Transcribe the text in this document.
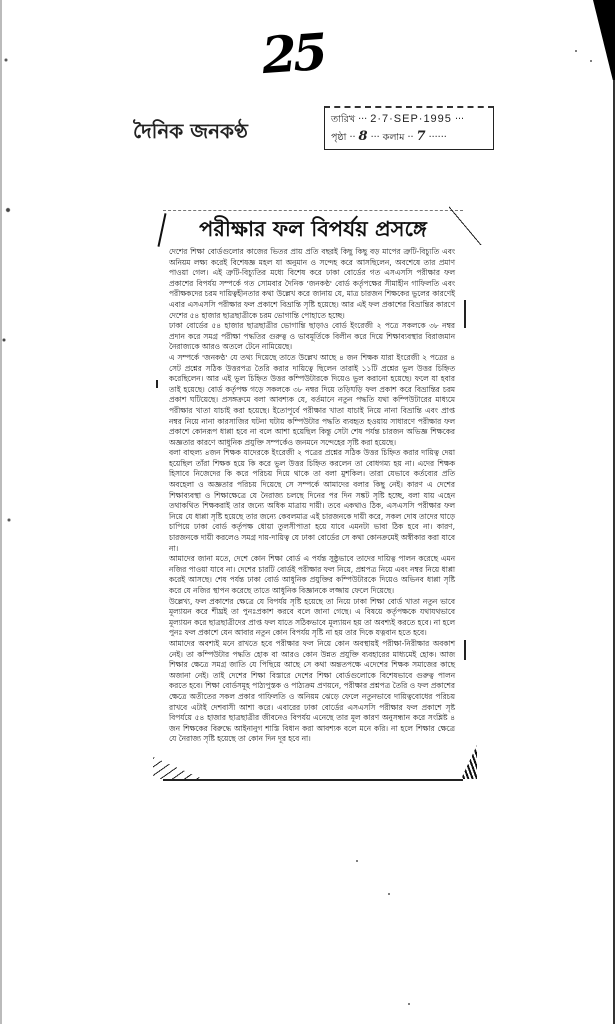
25
দৈনিক জনকণ্ঠ	তারিখ ··· 2·7·SEP·1995 ···
পৃষ্ঠা ·· 8 ··· কলাম ·· 7 ······
পরীক্ষার ফল বিপর্যয় প্রসঙ্গে

দেশের শিক্ষা বোর্ডগুলোর কাজের ভিতর প্রায় প্রতি বছরই কিছু কিছু বড় মাপের ত্রুটি-বিচ্যুতি এবং অনিয়ম লক্ষ্য করেই বিশেষজ্ঞ মহল যা অনুমান ও সন্দেহ করে আসছিলেন, অবশেষে তার প্রমাণ পাওয়া গেল। এই ত্রুটি-বিচ্যুতির মধ্যে বিশেষ করে ঢাকা বোর্ডের গত এসএসসি পরীক্ষার ফল প্রকাশের বিপর্যয় সম্পর্কে গত সোমবার দৈনিক 'জনকণ্ঠ' বোর্ড কর্তৃপক্ষের সীমাহীন গাফিলতি এবং পরীক্ষকদের চরম দায়িত্বহীনতার কথা উল্লেখ করে জানায় যে, মাত্র চারজন শিক্ষকের ভুলের কারণেই এবার এসএসসি পরীক্ষার ফল প্রকাশে বিভ্রান্তি সৃষ্টি হয়েছে। আর এই ফল প্রকাশের বিভ্রান্তির কারণে দেশের ৫৪ হাজার ছাত্রছাত্রীকে চরম ভোগান্তি পোহাতে হচ্ছে।

ঢাকা বোর্ডের ৫৪ হাজার ছাত্রছাত্রীর ভোগান্তি ছাড়াও বোর্ড ইংরেজী ২ পত্রে সকলকে ৩৮ নম্বর প্রদান করে সমগ্র পরীক্ষা পদ্ধতির গুরুত্ব ও ভাবমূর্তিকে বিলীন করে দিয়ে শিক্ষাব্যবস্থার বিরাজমান নৈরাজ্যকে আরও অতলে টেনে নামিয়েছে।

এ সম্পর্কে 'জনকণ্ঠ' যে তথ্য দিয়েছে তাতে উল্লেখ আছে ৪ জন শিক্ষক যারা ইংরেজী ২ পত্রের ৪ সেট প্রশ্নের সঠিক উত্তরপত্র তৈরি করার দায়িত্বে ছিলেন তারাই ১১টি প্রশ্নের ভুল উত্তর চিহ্নিত করেছিলেন। আর এই ভুল চিহ্নিত উত্তর কম্পিউটারকে দিয়েও ভুল করানো হয়েছে। ফলে যা হবার তাই হয়েছে। বোর্ড কর্তৃপক্ষ গড়ে সকলকে ৩৮ নম্বর দিয়ে তড়িঘড়ি ফল প্রকাশ করে বিভ্রান্তির চরম প্রকাশ ঘটিয়েছে। প্রসঙ্গক্রমে বলা আবশ্যক যে, বর্তমানে নতুন পদ্ধতি যথা কম্পিউটারের মাধ্যমে পরীক্ষার খাতা যাচাই করা হয়েছে। ইতোপূর্বে পরীক্ষার খাতা যাচাই নিয়ে নানা বিভ্রান্তি এবং প্রাপ্ত নম্বর নিয়ে নানা কারসাজির ঘটনা ঘটায় কম্পিউটার পদ্ধতি ব্যবহৃত হওয়ায় সাধারণে পরীক্ষার ফল প্রকাশে কোনরূপ ধাপ্পা হবে না বলে আশা হয়েছিল কিন্তু সেটা শেষ পর্যন্ত চারজন অভিজ্ঞ শিক্ষকের অজ্ঞতার কারণে আধুনিক প্রযুক্তি সম্পর্কেও জনমনে সন্দেহের সৃষ্টি করা হয়েছে।

বলা বাহুল্য ৪জন শিক্ষক যাদেরকে ইংরেজী ২ পত্রের প্রশ্নের সঠিক উত্তর চিহ্নিত করার দায়িত্ব দেয়া হয়েছিল তাঁরা শিক্ষক হয়ে কি করে ভুল উত্তর চিহ্নিত করলেন তা বোধগম্য হয় না। এদের শিক্ষক হিসাবে নিজেদের কি করে পরিচয় দিয়ে থাকে তা বলা মুশকিল। তারা যেভাবে কর্তব্যের প্রতি অবহেলা ও অজ্ঞতার পরিচয় দিয়েছে সে সম্পর্কে আমাদের বলার কিছু নেই। কারণ এ দেশের শিক্ষাব্যবস্থা ও শিক্ষাক্ষেত্রে যে নৈরাজ্য চলছে দিনের পর দিন সঙ্কট সৃষ্টি হচ্ছে, বলা যায় এহেন তথাকথিত শিক্ষকরাই তার জন্যে অধিক মাত্রায় দায়ী। তবে একথাও ঠিক, এসএসসি পরীক্ষার ফল নিয়ে যে ধাপ্পা সৃষ্টি হয়েছে তার জন্যে কেবলমাত্র এই চারজনকে দায়ী করে, সকল দোষ তাদের ঘাড়ে চাপিয়ে ঢাকা বোর্ড কর্তৃপক্ষ ধোয়া তুলসীপাতা হয়ে যাবে এমনটা ভাবা ঠিক হবে না। কারণ, চারজনকে দায়ী করলেও সমগ্র দায়-দায়িত্ব যে ঢাকা বোর্ডের সে কথা কোনক্রমেই অস্বীকার করা যাবে না।

আমাদের জানা মতে, দেশে কোন শিক্ষা বোর্ড এ পর্যন্ত সুষ্ঠুভাবে তাদের দায়িত্ব পালন করেছে এমন নজির পাওয়া যাবে না। দেশের চারটি বোর্ডই পরীক্ষার ফল নিয়ে, প্রশ্নপত্র নিয়ে এবং নম্বর নিয়ে ধাপ্পা করেই আসছে। শেষ পর্যন্ত ঢাকা বোর্ড আধুনিক প্রযুক্তির কম্পিউটারকে দিয়েও অভিনব ধাপ্পা সৃষ্টি করে যে নজির স্থাপন করেছে তাতে আধুনিক বিজ্ঞানকে লজ্জায় ফেলে দিয়েছে।

উল্লেখ্য, ফল প্রকাশের ক্ষেত্রে যে বিপর্যয় সৃষ্টি হয়েছে তা নিয়ে ঢাকা শিক্ষা বোর্ড খাতা নতুন ভাবে মূল্যায়ন করে শীঘ্রই তা পুনঃপ্রকাশ করবে বলে জানা গেছে। এ বিষয়ে কর্তৃপক্ষকে যথাযথভাবে মূল্যায়ন করে ছাত্রছাত্রীদের প্রাপ্ত ফল যাতে সঠিকভাবে মূল্যায়ন হয় তা অবশ্যই করতে হবে। না হলে পুনঃ ফল প্রকাশে যেন আবার নতুন কোন বিপর্যয় সৃষ্টি না হয় তার দিকে যত্নবান হতে হবে।

আমাদের অবশ্যই মনে রাখতে হবে পরীক্ষার ফল নিয়ে কোন অবস্থায়ই পরীক্ষা-নিরীক্ষার অবকাশ নেই। তা কম্পিউটার পদ্ধতি হোক বা আরও কোন উন্নত প্রযুক্তি ব্যবহারের মাধ্যমেই হোক। আজ শিক্ষার ক্ষেত্রে সমগ্র জাতি যে পিছিয়ে আছে সে কথা অন্ততপক্ষে এদেশের শিক্ষক সমাজের কাছে অজানা নেই। তাই দেশের শিক্ষা বিস্তারে দেশের শিক্ষা বোর্ডগুলোকে বিশেষভাবে গুরুত্ব পালন করতে হবে। শিক্ষা বোর্ডসমূহ পাঠ্যপুস্তক ও পাঠ্যক্রম প্রণয়নে, পরীক্ষার প্রশ্নপত্র তৈরি ও ফল প্রকাশের ক্ষেত্রে অতীতের সকল প্রকার গাফিলতি ও অনিয়ম ঝেড়ে ফেলে নতুনভাবে দায়িত্ববোধের পরিচয় রাখবে এটাই দেশবাসী আশা করে। এবারের ঢাকা বোর্ডের এসএসসি পরীক্ষার ফল প্রকাশে সৃষ্ট বিপর্যয়ে ৫৪ হাজার ছাত্রছাত্রীর জীবনেও বিপর্যয় এনেছে তার মূল কারণ অনুসন্ধান করে সংশ্লিষ্ট ৪ জন শিক্ষকের বিরুদ্ধে আইনানুগ শাস্তি বিধান করা আবশ্যক বলে মনে করি। না হলে শিক্ষার ক্ষেত্রে যে নৈরাজ্য সৃষ্টি হয়েছে তা কোন দিন দূর হবে না।
